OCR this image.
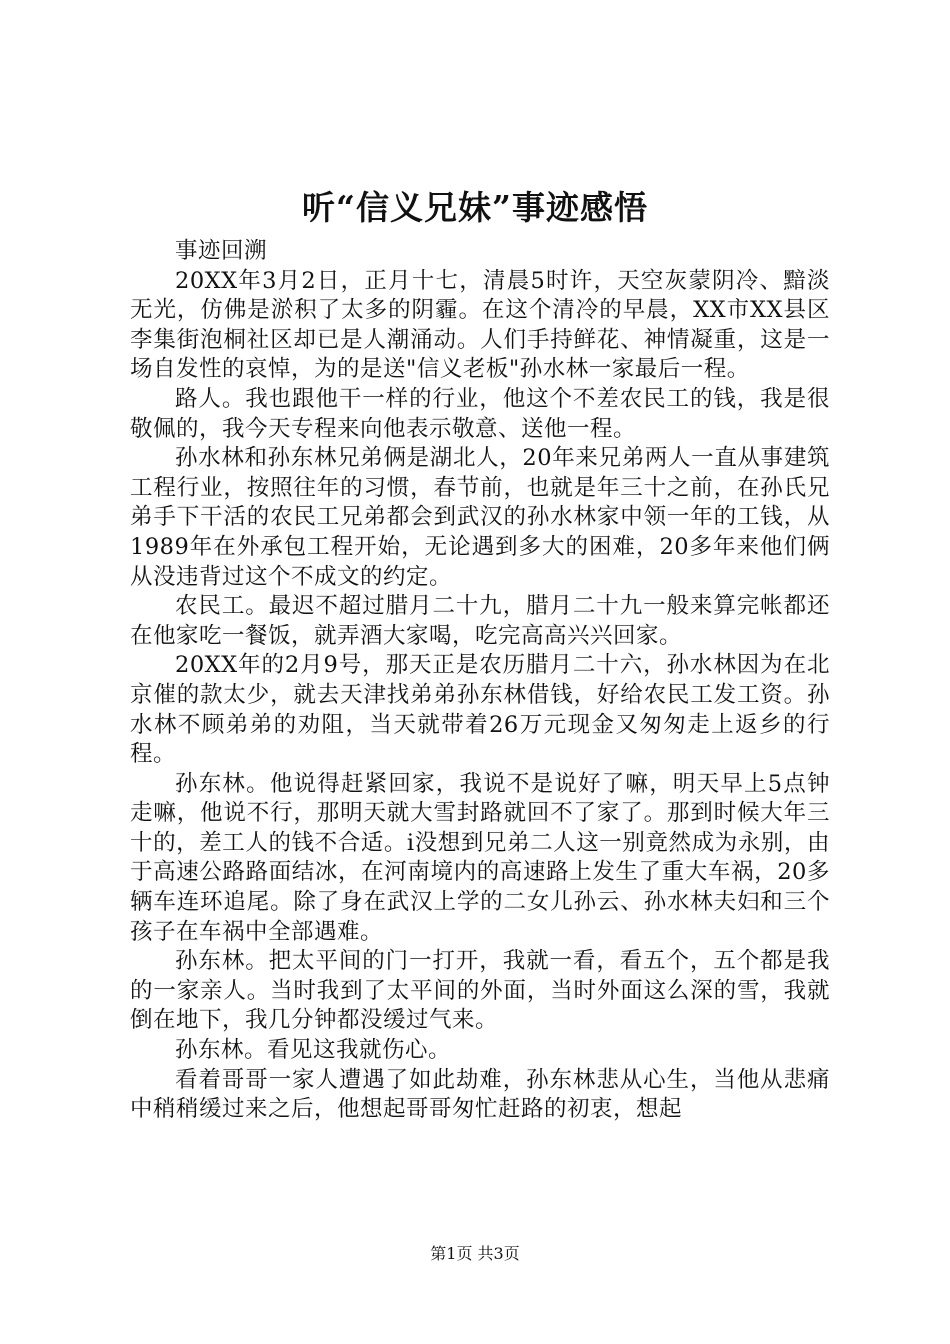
听“信义兄妹”事迹感悟

事迹回溯

20XX年3月2日，正月十七，清晨5时许，天空灰蒙阴冷、黯淡无光，仿佛是淤积了太多的阴霾。在这个清冷的早晨，XX市XX县区李集街泡桐社区却已是人潮涌动。人们手持鲜花、神情凝重，这是一场自发性的哀悼，为的是送"信义老板"孙水林一家最后一程。

路人。我也跟他干一样的行业，他这个不差农民工的钱，我是很敬佩的，我今天专程来向他表示敬意、送他一程。

孙水林和孙东林兄弟俩是湖北人，20年来兄弟两人一直从事建筑工程行业，按照往年的习惯，春节前，也就是年三十之前，在孙氏兄弟手下干活的农民工兄弟都会到武汉的孙水林家中领一年的工钱，从1989年在外承包工程开始，无论遇到多大的困难，20多年来他们俩从没违背过这个不成文的约定。

农民工。最迟不超过腊月二十九，腊月二十九一般来算完帐都还在他家吃一餐饭，就弄酒大家喝，吃完高高兴兴回家。

20XX年的2月9号，那天正是农历腊月二十六，孙水林因为在北京催的款太少，就去天津找弟弟孙东林借钱，好给农民工发工资。孙水林不顾弟弟的劝阻，当天就带着26万元现金又匆匆走上返乡的行程。

孙东林。他说得赶紧回家，我说不是说好了嘛，明天早上5点钟走嘛，他说不行，那明天就大雪封路就回不了家了。那到时候大年三十的，差工人的钱不合适。i没想到兄弟二人这一别竟然成为永别，由于高速公路路面结冰，在河南境内的高速路上发生了重大车祸，20多辆车连环追尾。除了身在武汉上学的二女儿孙云、孙水林夫妇和三个孩子在车祸中全部遇难。

孙东林。把太平间的门一打开，我就一看，看五个，五个都是我的一家亲人。当时我到了太平间的外面，当时外面这么深的雪，我就倒在地下，我几分钟都没缓过气来。

孙东林。看见这我就伤心。

看着哥哥一家人遭遇了如此劫难，孙东林悲从心生，当他从悲痛中稍稍缓过来之后，他想起哥哥匆忙赶路的初衷，想起

第1页 共3页
